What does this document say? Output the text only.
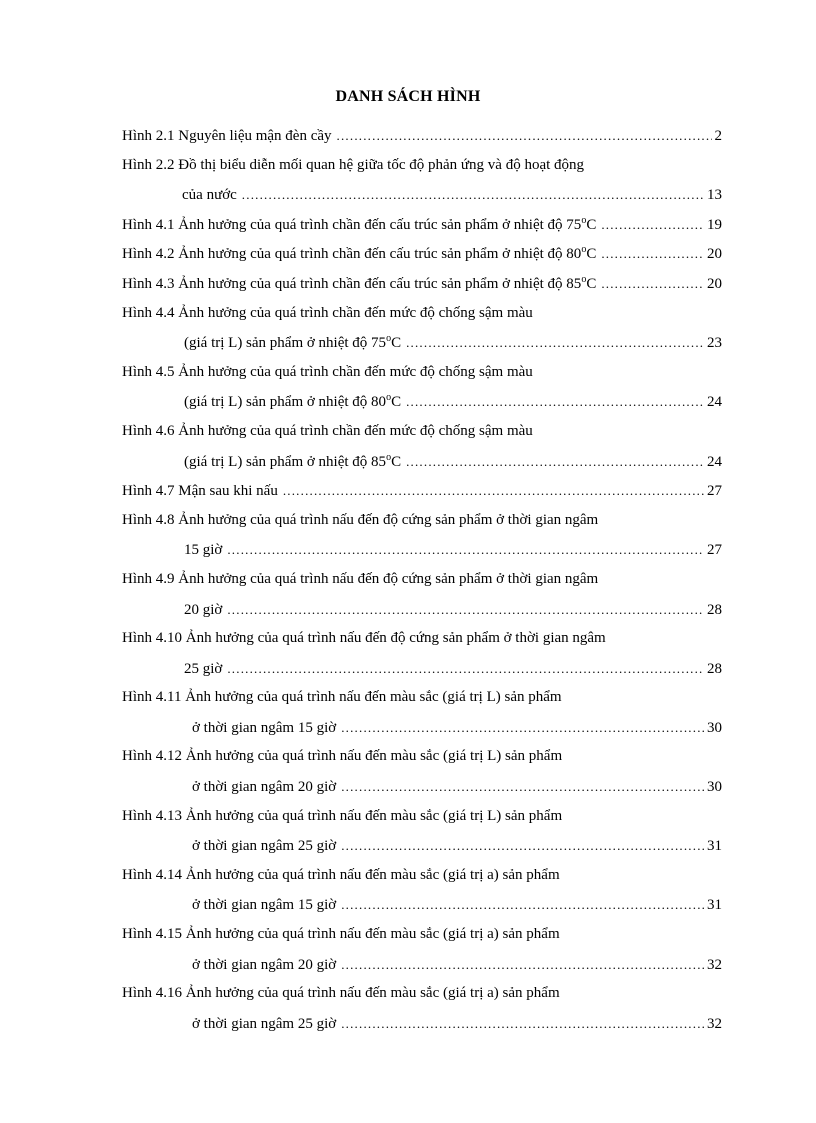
DANH SÁCH HÌNH
Hình 2.1 Nguyên liệu mận đèn cầy .....	2
Hình 2.2 Đồ thị biểu diễn mối quan hệ giữa tốc độ phản ứng và độ hoạt động
của nước .....	13
Hình 4.1 Ảnh hưởng của quá trình chần đến cấu trúc sản phẩm ở nhiệt độ 75$^o$C .....	19
Hình 4.2 Ảnh hưởng của quá trình chần đến cấu trúc sản phẩm ở nhiệt độ 80$^o$C .....	20
Hình 4.3 Ảnh hưởng của quá trình chần đến cấu trúc sản phẩm ở nhiệt độ 85$^o$C .....	20
Hình 4.4 Ảnh hưởng của quá trình chần đến mức độ chống sậm màu
(giá trị L) sản phẩm ở nhiệt độ 75$^o$C .....	23
Hình 4.5 Ảnh hưởng của quá trình chần đến mức độ chống sậm màu
(giá trị L) sản phẩm ở nhiệt độ 80$^o$C .....	24
Hình 4.6 Ảnh hưởng của quá trình chần đến mức độ chống sậm màu
(giá trị L) sản phẩm ở nhiệt độ 85$^o$C .....	24
Hình 4.7 Mận sau khi nấu .....	27
Hình 4.8 Ảnh hưởng của quá trình nấu đến độ cứng sản phẩm ở thời gian ngâm
15 giờ .....	27
Hình 4.9 Ảnh hưởng của quá trình nấu đến độ cứng sản phẩm ở thời gian ngâm
20 giờ .....	28
Hình 4.10 Ảnh hưởng của quá trình nấu đến độ cứng sản phẩm ở thời gian ngâm
25 giờ .....	28
Hình 4.11 Ảnh hưởng của quá trình nấu đến màu sắc (giá trị L) sản phẩm
ở thời gian ngâm 15 giờ .....	30
Hình 4.12 Ảnh hưởng của quá trình nấu đến màu sắc (giá trị L) sản phẩm
ở thời gian ngâm 20 giờ .....	30
Hình 4.13 Ảnh hưởng của quá trình nấu đến màu sắc (giá trị L) sản phẩm
ở thời gian ngâm 25 giờ .....	31
Hình 4.14 Ảnh hưởng của quá trình nấu đến màu sắc (giá trị a) sản phẩm
ở thời gian ngâm 15 giờ .....	31
Hình 4.15 Ảnh hưởng của quá trình nấu đến màu sắc (giá trị a) sản phẩm
ở thời gian ngâm 20 giờ .....	32
Hình 4.16 Ảnh hưởng của quá trình nấu đến màu sắc (giá trị a) sản phẩm
ở thời gian ngâm 25 giờ .....	32
